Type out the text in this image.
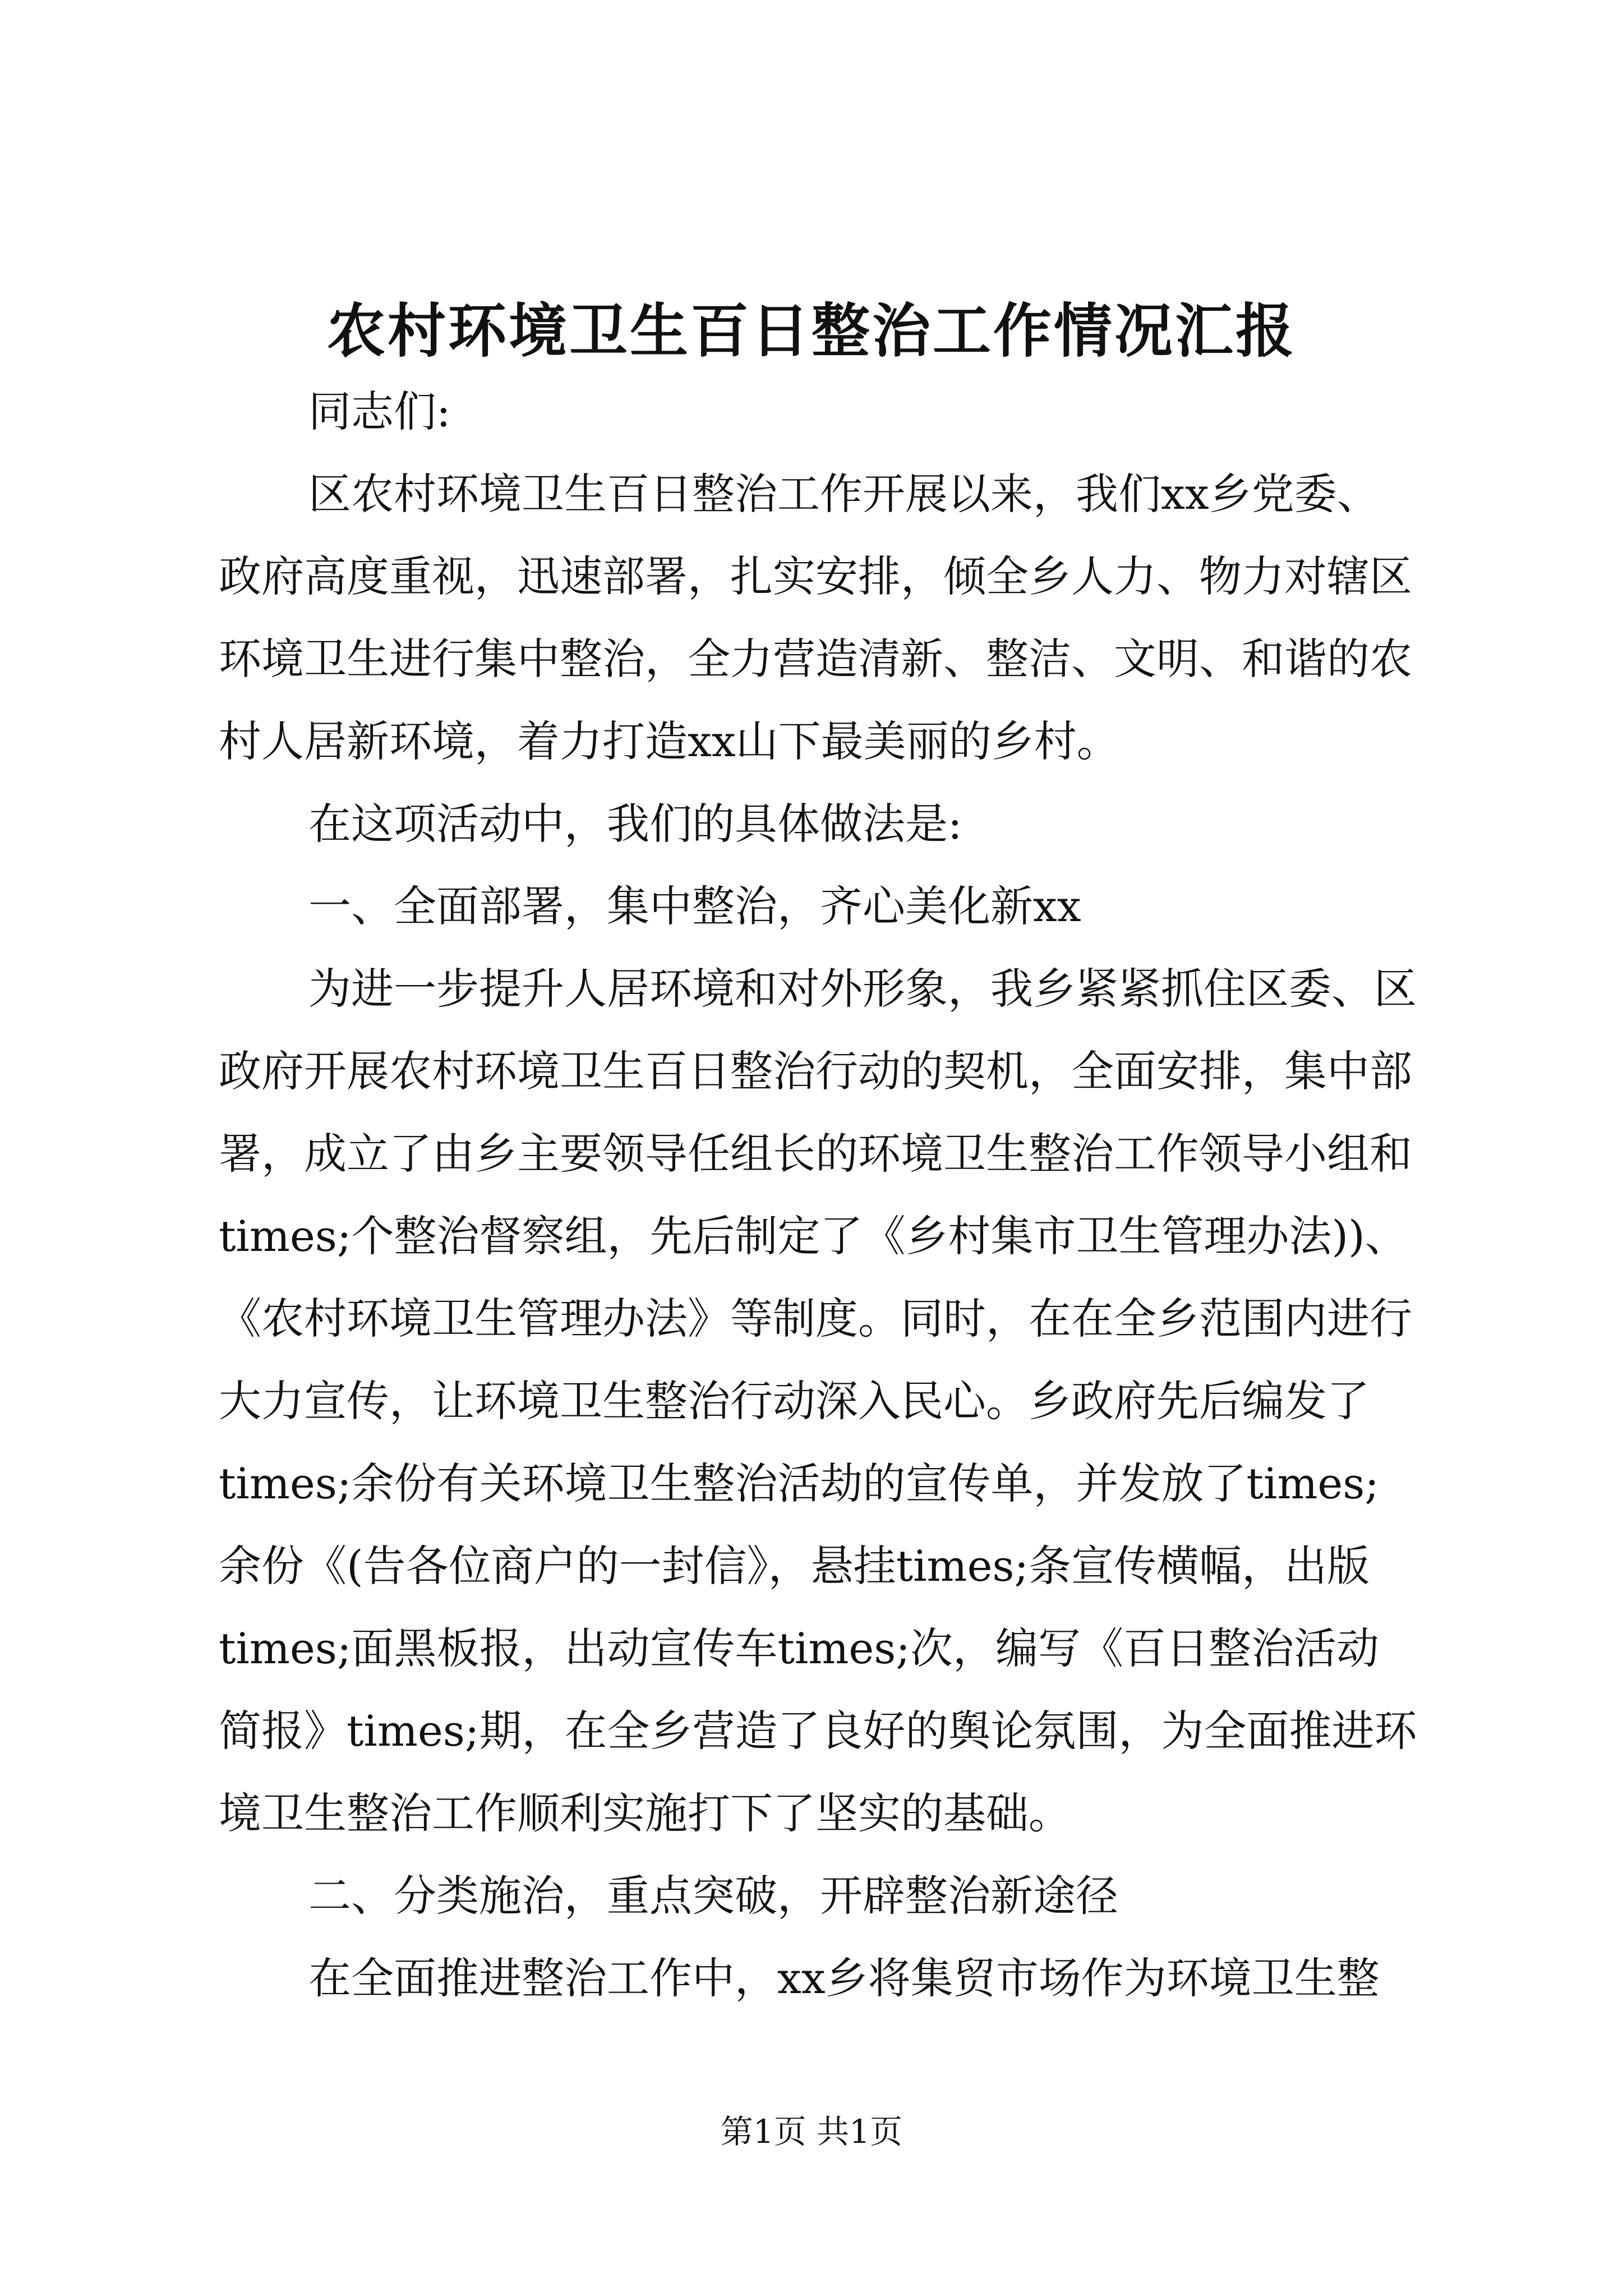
农村环境卫生百日整治工作情况汇报
同志们:
区农村环境卫生百日整治工作开展以来，我们xx乡党委、
政府高度重视，迅速部署，扎实安排，倾全乡人力、物力对辖区
环境卫生进行集中整治，全力营造清新、整洁、文明、和谐的农
村人居新环境，着力打造xx山下最美丽的乡村。
在这项活动中，我们的具体做法是:
一、全面部署，集中整治，齐心美化新xx
为进一步提升人居环境和对外形象，我乡紧紧抓住区委、区
政府开展农村环境卫生百日整治行动的契机，全面安排，集中部
署，成立了由乡主要领导任组长的环境卫生整治工作领导小组和
times;个整治督察组，先后制定了《乡村集市卫生管理办法))、
《农村环境卫生管理办法》等制度。同时，在在全乡范围内进行
大力宣传，让环境卫生整治行动深入民心。乡政府先后编发了
times;余份有关环境卫生整治活劫的宣传单，并发放了times;
余份《(告各位商户的一封信》，悬挂times;条宣传横幅，出版
times;面黑板报，出动宣传车times;次，编写《百日整治活动
简报》times;期，在全乡营造了良好的舆论氛围，为全面推进环
境卫生整治工作顺利实施打下了坚实的基础。
二、分类施治，重点突破，开辟整治新途径
在全面推进整治工作中，xx乡将集贸市场作为环境卫生整
第1页 共1页
